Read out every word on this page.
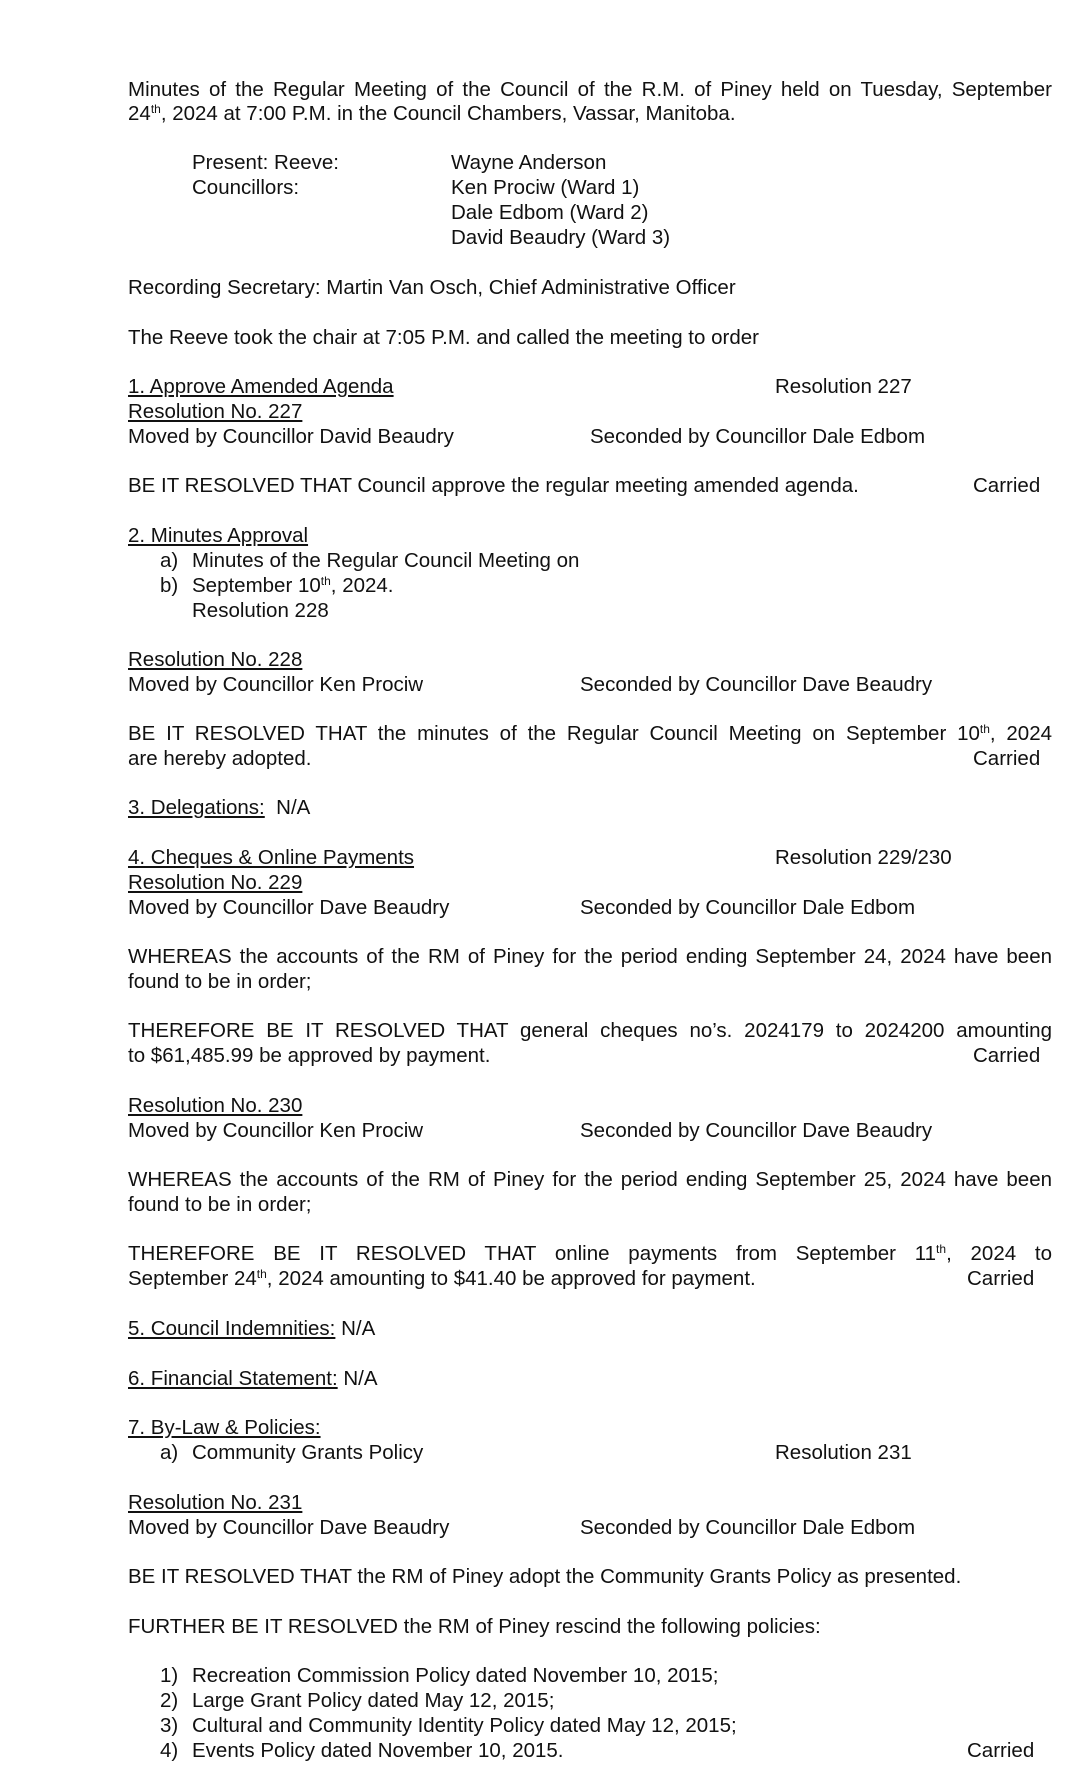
Minutes of the Regular Meeting of the Council of the R.M. of Piney held on Tuesday, September
24th, 2024 at 7:00 P.M. in the Council Chambers, Vassar, Manitoba.
Present: Reeve:	Wayne Anderson
Councillors:	Ken Prociw (Ward 1)
Dale Edbom (Ward 2)
David Beaudry (Ward 3)
Recording Secretary: Martin Van Osch, Chief Administrative Officer
The Reeve took the chair at 7:05 P.M. and called the meeting to order
1. Approve Amended Agenda	Resolution 227
Resolution No. 227
Moved by Councillor David Beaudry	Seconded by Councillor Dale Edbom
BE IT RESOLVED THAT Council approve the regular meeting amended agenda.	Carried
2. Minutes Approval
a) Minutes of the Regular Council Meeting on
b) September 10th, 2024.
Resolution 228
Resolution No. 228
Moved by Councillor Ken Prociw	Seconded by Councillor Dave Beaudry
BE IT RESOLVED THAT the minutes of the Regular Council Meeting on September 10th, 2024
are hereby adopted.	Carried
3. Delegations: N/A
4. Cheques & Online Payments	Resolution 229/230
Resolution No. 229
Moved by Councillor Dave Beaudry	Seconded by Councillor Dale Edbom
WHEREAS the accounts of the RM of Piney for the period ending September 24, 2024 have been
found to be in order;
THEREFORE BE IT RESOLVED THAT general cheques no’s. 2024179 to 2024200 amounting
to $61,485.99 be approved by payment.	Carried
Resolution No. 230
Moved by Councillor Ken Prociw	Seconded by Councillor Dave Beaudry
WHEREAS the accounts of the RM of Piney for the period ending September 25, 2024 have been
found to be in order;
THEREFORE BE IT RESOLVED THAT online payments from September 11th, 2024 to
September 24th, 2024 amounting to $41.40 be approved for payment.	Carried
5. Council Indemnities: N/A
6. Financial Statement: N/A
7. By-Law & Policies:
a) Community Grants Policy	Resolution 231
Resolution No. 231
Moved by Councillor Dave Beaudry	Seconded by Councillor Dale Edbom
BE IT RESOLVED THAT the RM of Piney adopt the Community Grants Policy as presented.
FURTHER BE IT RESOLVED the RM of Piney rescind the following policies:
1) Recreation Commission Policy dated November 10, 2015;
2) Large Grant Policy dated May 12, 2015;
3) Cultural and Community Identity Policy dated May 12, 2015;
4) Events Policy dated November 10, 2015.	Carried
